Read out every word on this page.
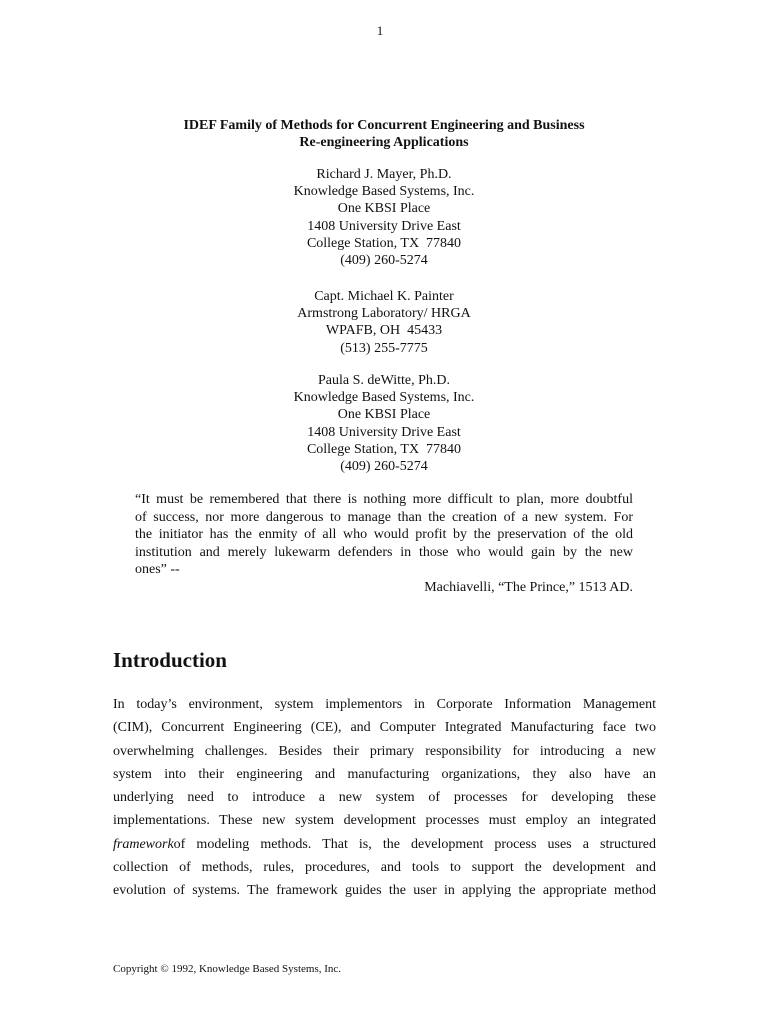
1
IDEF Family of Methods for Concurrent Engineering and Business
Re-engineering Applications
Richard J. Mayer, Ph.D.
Knowledge Based Systems, Inc.
One KBSI Place
1408 University Drive East
College Station, TX  77840
(409) 260-5274
Capt. Michael K. Painter
Armstrong Laboratory/ HRGA
WPAFB, OH  45433
(513) 255-7775
Paula S. deWitte, Ph.D.
Knowledge Based Systems, Inc.
One KBSI Place
1408 University Drive East
College Station, TX  77840
(409) 260-5274
“It must be remembered that there is nothing more difficult to plan, more doubtful
of success, nor more dangerous to manage than the creation of a new system. For
the initiator has the enmity of all who would profit by the preservation of the old
institution and merely lukewarm defenders in those who would gain by the new
ones” --
Machiavelli, “The Prince,” 1513 AD.
Introduction
In today’s environment, system implementors in Corporate Information Management
(CIM), Concurrent Engineering (CE), and Computer Integrated Manufacturing face two
overwhelming challenges. Besides their primary responsibility for introducing a new
system into their engineering and manufacturing organizations, they also have an
underlying need to introduce a new system of processes for developing these
implementations. These new system development processes must employ an integrated
frameworkof modeling methods. That is, the development process uses a structured
collection of methods, rules, procedures, and tools to support the development and
evolution of systems. The framework guides the user in applying the appropriate method
Copyright © 1992, Knowledge Based Systems, Inc.
